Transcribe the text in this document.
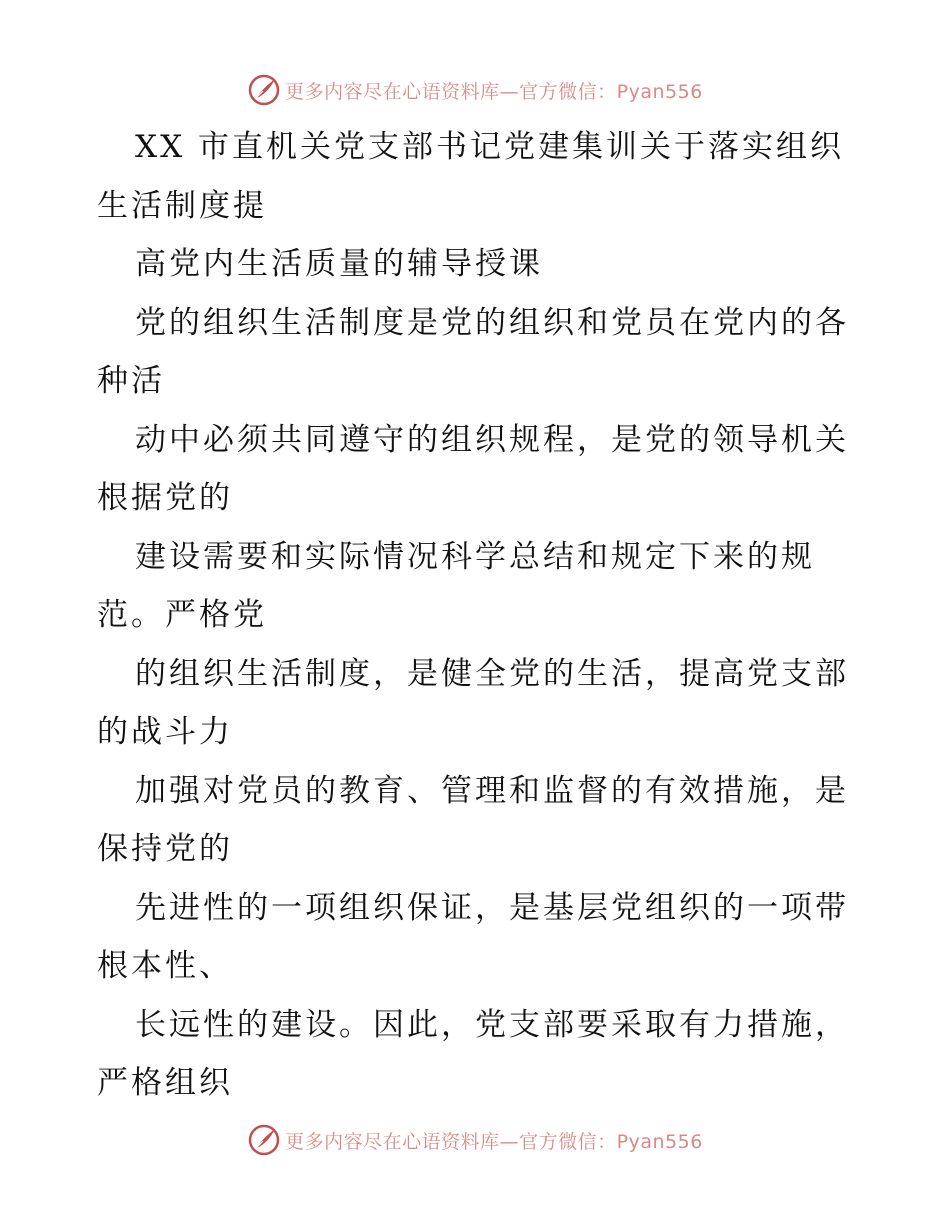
更多内容尽在心语资料库—官方微信：Pyan556
XX 市直机关党支部书记党建集训关于落实组织
生活制度提
高党内生活质量的辅导授课
党的组织生活制度是党的组织和党员在党内的各
种活
动中必须共同遵守的组织规程，是党的领导机关
根据党的
建设需要和实际情况科学总结和规定下来的规
范。严格党
的组织生活制度，是健全党的生活，提高党支部
的战斗力
加强对党员的教育、管理和监督的有效措施，是
保持党的
先进性的一项组织保证，是基层党组织的一项带
根本性、
长远性的建设。因此，党支部要采取有力措施，
严格组织
更多内容尽在心语资料库—官方微信：Pyan556
